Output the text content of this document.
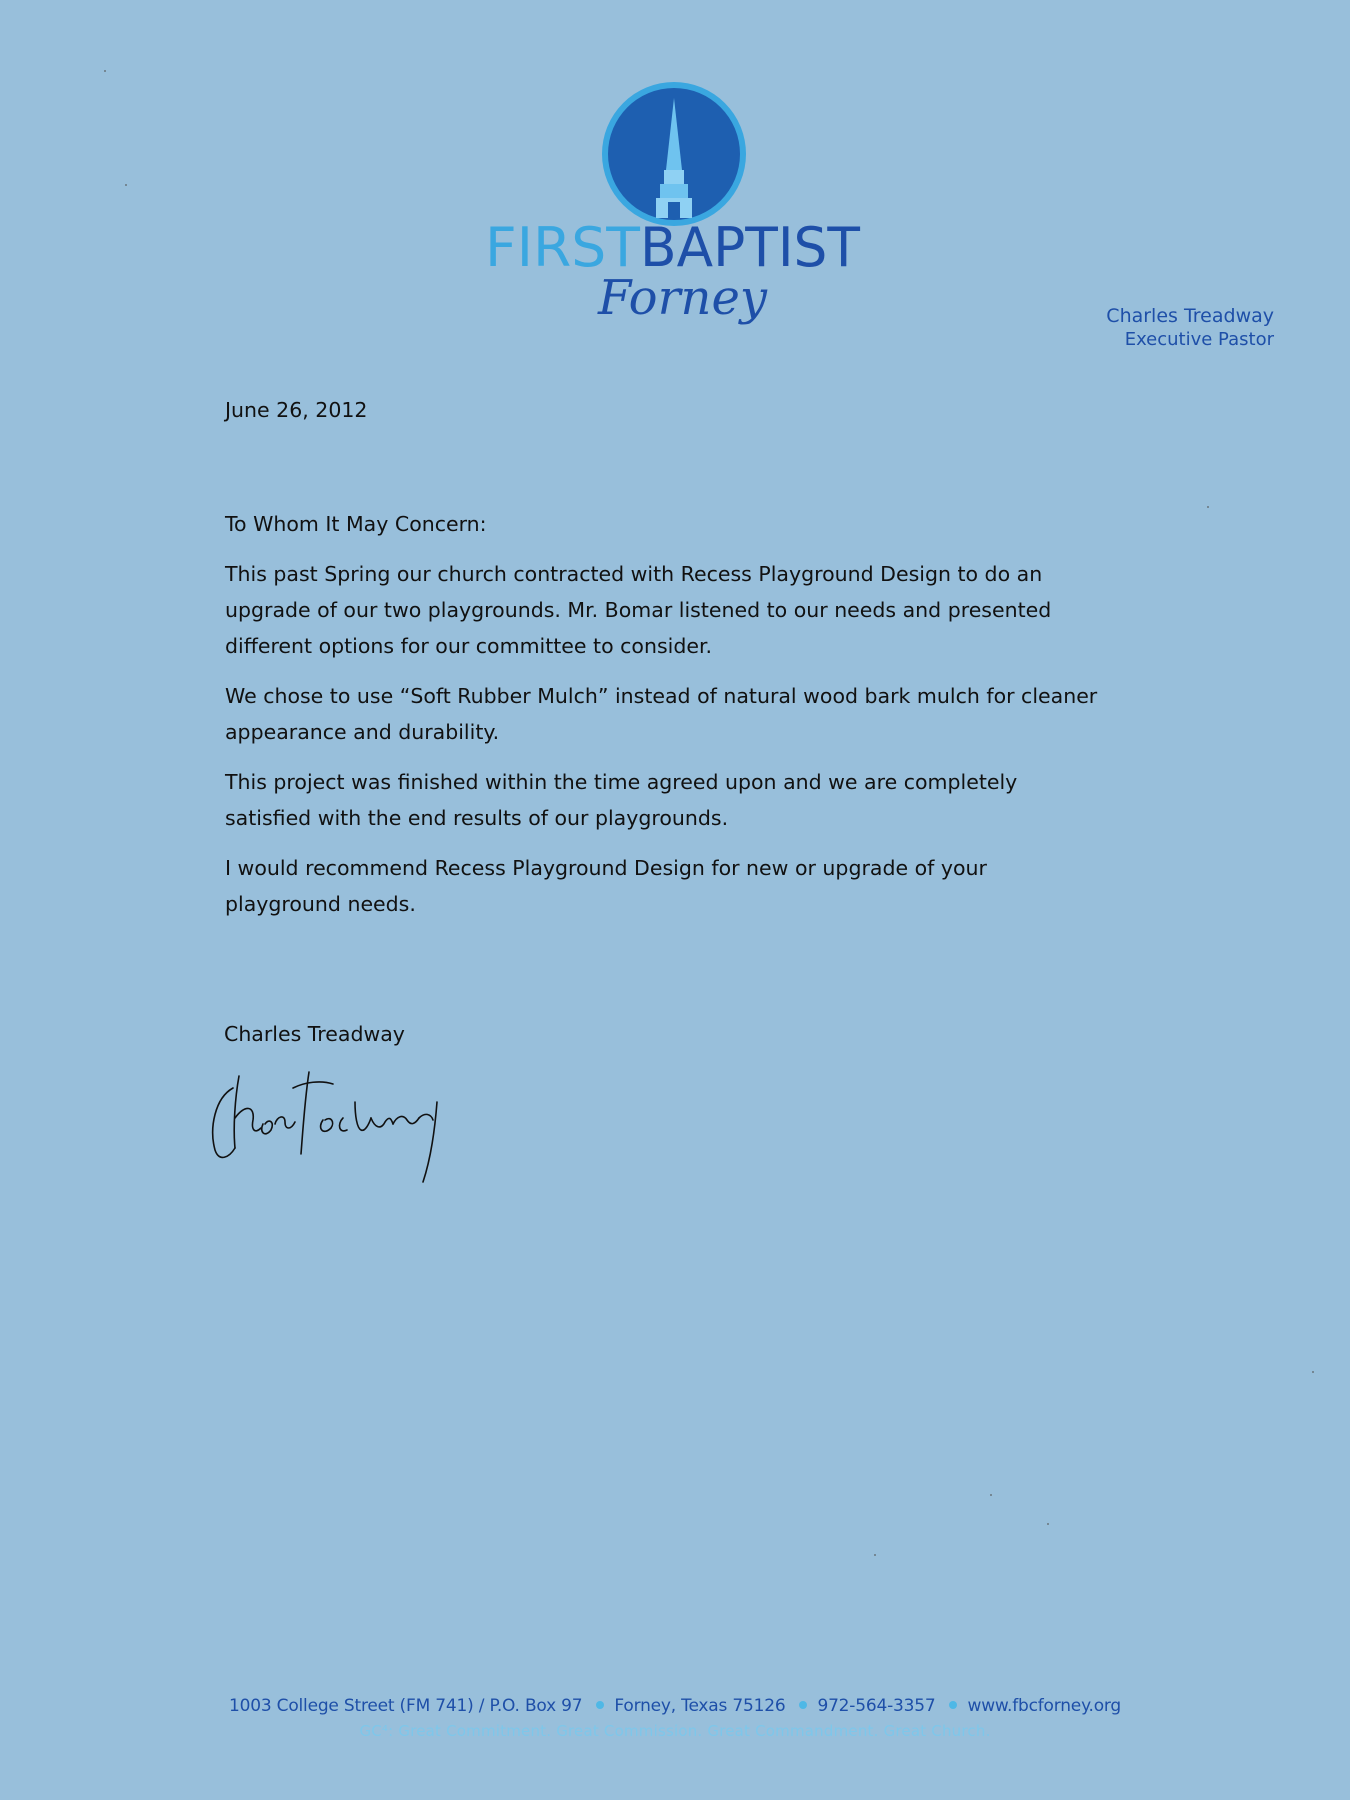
FIRST
BAPTIST
Forney	Charles Treadway
Executive Pastor

June 26, 2012

To Whom It May Concern:

This past Spring our church contracted with Recess Playground Design to do an upgrade of our two playgrounds. Mr. Bomar listened to our needs and presented different options for our committee to consider.

We chose to use “Soft Rubber Mulch” instead of natural wood bark mulch for cleaner appearance and durability.

This project was finished within the time agreed upon and we are completely satisfied with the end results of our playgrounds.

I would recommend Recess Playground Design for new or upgrade of your playground needs.

Charles Treadway
1003 College Street (FM 741) / P.O. Box 97 Forney, Texas 75126 972-564-3357 www.fbcforney.org
GC⁴: Great Commitment. Great Commission. Great Commandment. Great Church.
